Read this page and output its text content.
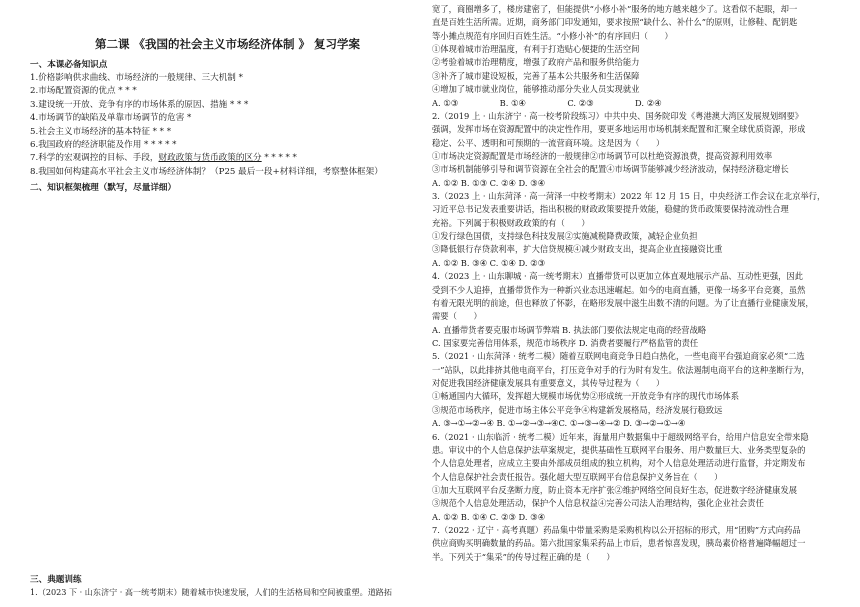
第二课 《我国的社会主义市场经济体制 》 复习学案
一、本课必备知识点
1.价格影响供求曲线、市场经济的一般规律、三大机制 *
2.市场配置资源的优点 * * *
3.建设统一开放、竞争有序的市场体系的原因、措施 * * *
4.市场调节的缺陷及单靠市场调节的危害 *
5.社会主义市场经济的基本特征 * * *
6.我国政府的经济职能及作用 * * * * *
7.科学的宏观调控的目标、手段，财政政策与货币政策的区分 * * * * *
8.我国如何构建高水平社会主义市场经济体制？（P25 最后一段+材料详细，考察整体框架）
二、知识框架梳理（默写，尽量详细）
三、典题训练
1.（2023 下 · 山东济宁 · 高一统考期末）随着城市快速发展，人们的生活格局和空间被重塑。道路拓
宽了，商圈增多了，楼房建密了，但能提供“小修小补”服务的地方越来越少了。这看似不起眼，却一
直是百姓生活所需。近期，商务部门印发通知，要求按照“缺什么、补什么”的原则，让修鞋、配钥匙
等小摊点规范有序回归百姓生活。“小修小补”的有序回归（　　）
①体现着城市治理温度，有利于打造贴心便捷的生活空间
②考验着城市治理精度，增强了政府产品和服务供给能力
③补齐了城市建设短板，完善了基本公共服务和生活保障
④增加了城市就业岗位，能够推动部分失业人员实现就业
A. ①③　　　　　B. ①④　　　　　C. ②③　　　　　D. ②④
2.（2019 上 · 山东济宁 · 高一校考阶段练习）中共中央、国务院印发《粤港澳大湾区发展规划纲要》
强调，发挥市场在资源配置中的决定性作用，要更多地运用市场机制来配置和汇聚全球优质资源，形成
稳定、公平、透明和可预期的一流营商环境。这是因为（　　）
①市场决定资源配置是市场经济的一般规律②市场调节可以杜绝资源浪费，提高资源利用效率
③市场机制能够引导和调节资源在全社会的配置④市场调节能够减少经济波动，保持经济稳定增长
A. ①② B. ①③ C. ②④ D. ③④
3.（2023 上 · 山东菏泽 · 高一菏泽一中校考期末）2022 年 12 月 15 日，中央经济工作会议在北京举行，
习近平总书记发表重要讲话，指出积极的财政政策要提升效能，稳健的货币政策要保持流动性合理
充裕。下列属于积极财政政策的有（　　）
①发行绿色国债，支持绿色科技发展②实施减税降费政策，减轻企业负担
③降低银行存贷款利率，扩大信贷规模④减少财政支出，提高企业直接融资比重
A. ①② B. ③④ C. ①④ D. ②③
4.（2023 上 · 山东聊城 · 高一统考期末）直播带货可以更加立体直观地展示产品、互动性更强，因此
受到不少人追捧，直播带货作为一种新兴业态迅速崛起。如今的电商直播，更像一场多平台竞赛，虽然
有着无限光明的前途，但也释放了怀影，在略形发展中滋生出数不清的问题。为了让直播行业健康发展，
需要（　　）
A. 直播带货者要克服市场调节弊端 B. 执法部门要依法规定电商的经营战略
C. 国家要完善信用体系，规范市场秩序 D. 消费者要履行严格监管的责任
5.（2021 · 山东菏泽 · 统考二模）随着互联网电商竞争日趋白热化，一些电商平台强迫商家必须“二选
一”站队，以此排挤其他电商平台，打压竞争对手的行为时有发生。依法遏制电商平台的这种垄断行为，
对促进我国经济健康发展具有重要意义，其传导过程为（　　）
①畅通国内大循环，发挥超大规模市场优势②形成统一开放竞争有序的现代市场体系
③规范市场秩序，促进市场主体公平竞争④构建新发展格局，经济发展行稳致远
A. ③→①→②→④ B. ①→②→③→④C. ①→③→④→② D. ③→②→①→④
6.（2021 · 山东临沂 · 统考二模）近年来，海量用户数据集中于超级网络平台，给用户信息安全带来隐
患。审议中的个人信息保护法草案规定，提供基础性互联网平台服务、用户数量巨大、业务类型复杂的
个人信息处理者，应成立主要由外部成员组成的独立机构，对个人信息处理活动进行监督，并定期发布
个人信息保护社会责任报告。强化超大型互联网平台信息保护义务旨在（　　）
①加大互联网平台反垄断力度，防止资本无序扩张②维护网络空间良好生态，促进数字经济健康发展
③规范个人信息处理活动，保护个人信息权益④完善公司法人治理结构，强化企业社会责任
A. ①② B. ①④ C. ②③ D. ③④
7.（2022 · 辽宁 · 高考真题）药品集中带量采购是采购机构以公开招标的形式，用“团购”方式向药品
供应商购买明确数量的药品。第六批国家集采药品上市后，患者惊喜发现，胰岛素价格普遍降幅超过一
半。下列关于“集采”的传导过程正确的是（　　）
